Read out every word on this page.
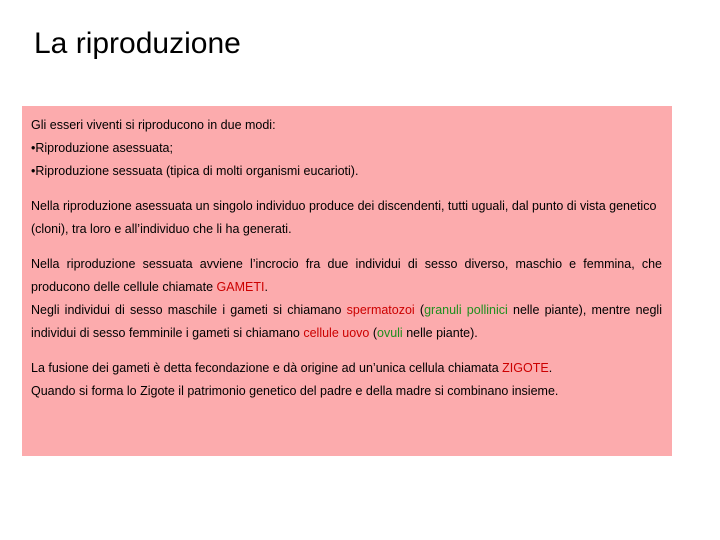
La riproduzione

Gli esseri viventi si riproducono in due modi:

•Riproduzione asessuata;

•Riproduzione sessuata (tipica di molti organismi eucarioti).

Nella riproduzione asessuata un singolo individuo produce dei discendenti, tutti uguali, dal punto di vista genetico (cloni), tra loro e all’individuo che li ha generati.

Nella riproduzione sessuata avviene l’incrocio fra due individui di sesso diverso, maschio e femmina, che producono delle cellule chiamate GAMETI.

Negli individui di sesso maschile i gameti si chiamano spermatozoi (granuli pollinici nelle piante), mentre negli individui di sesso femminile i gameti si chiamano cellule uovo (ovuli nelle piante).

La fusione dei gameti è detta fecondazione e dà origine ad un’unica cellula chiamata ZIGOTE.

Quando si forma lo Zigote il patrimonio genetico del padre e della madre si combinano insieme.
